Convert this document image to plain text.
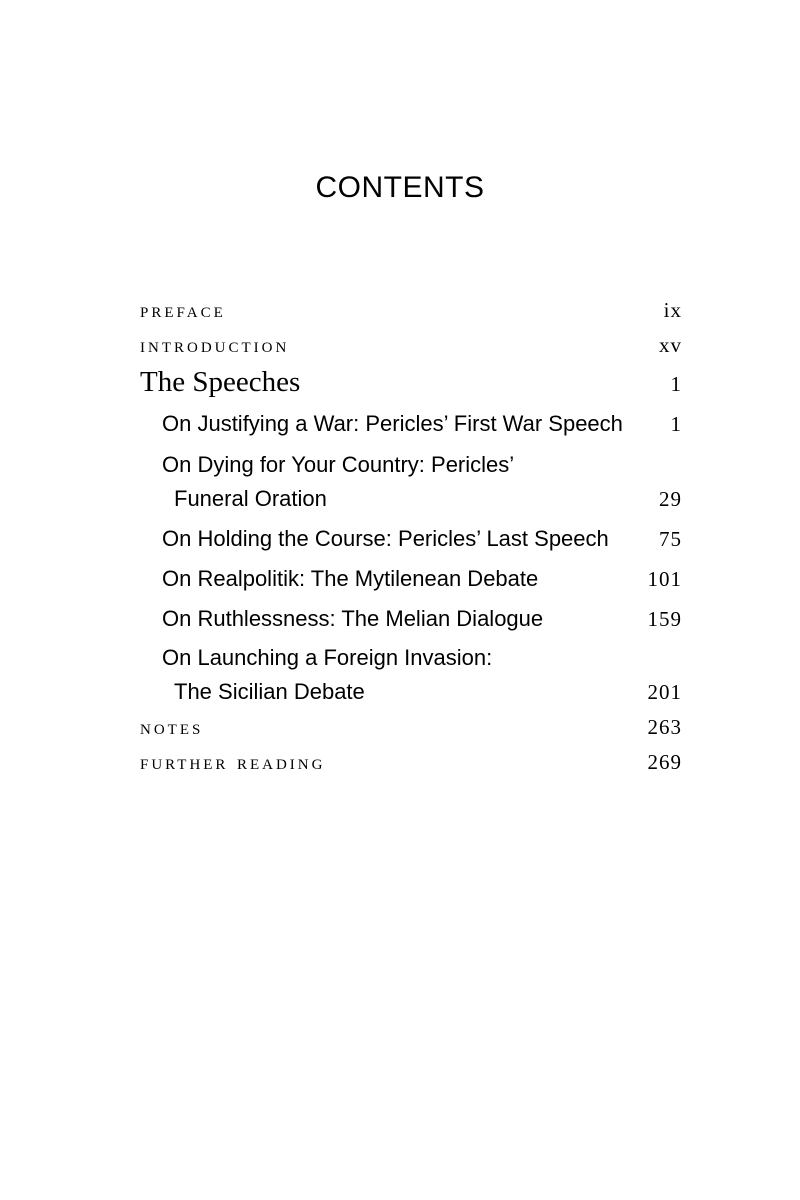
CONTENTS
preface	ix
introduction	xv
The Speeches	1
On Justifying a War: Pericles’ First War Speech 1
On Dying for Your Country: Pericles’
Funeral Oration	29
On Holding the Course: Pericles’ Last Speech 75
On Realpolitik: The Mytilenean Debate	101
On Ruthlessness: The Melian Dialogue	159
On Launching a Foreign Invasion:
The Sicilian Debate	201
notes	263
further reading	269
